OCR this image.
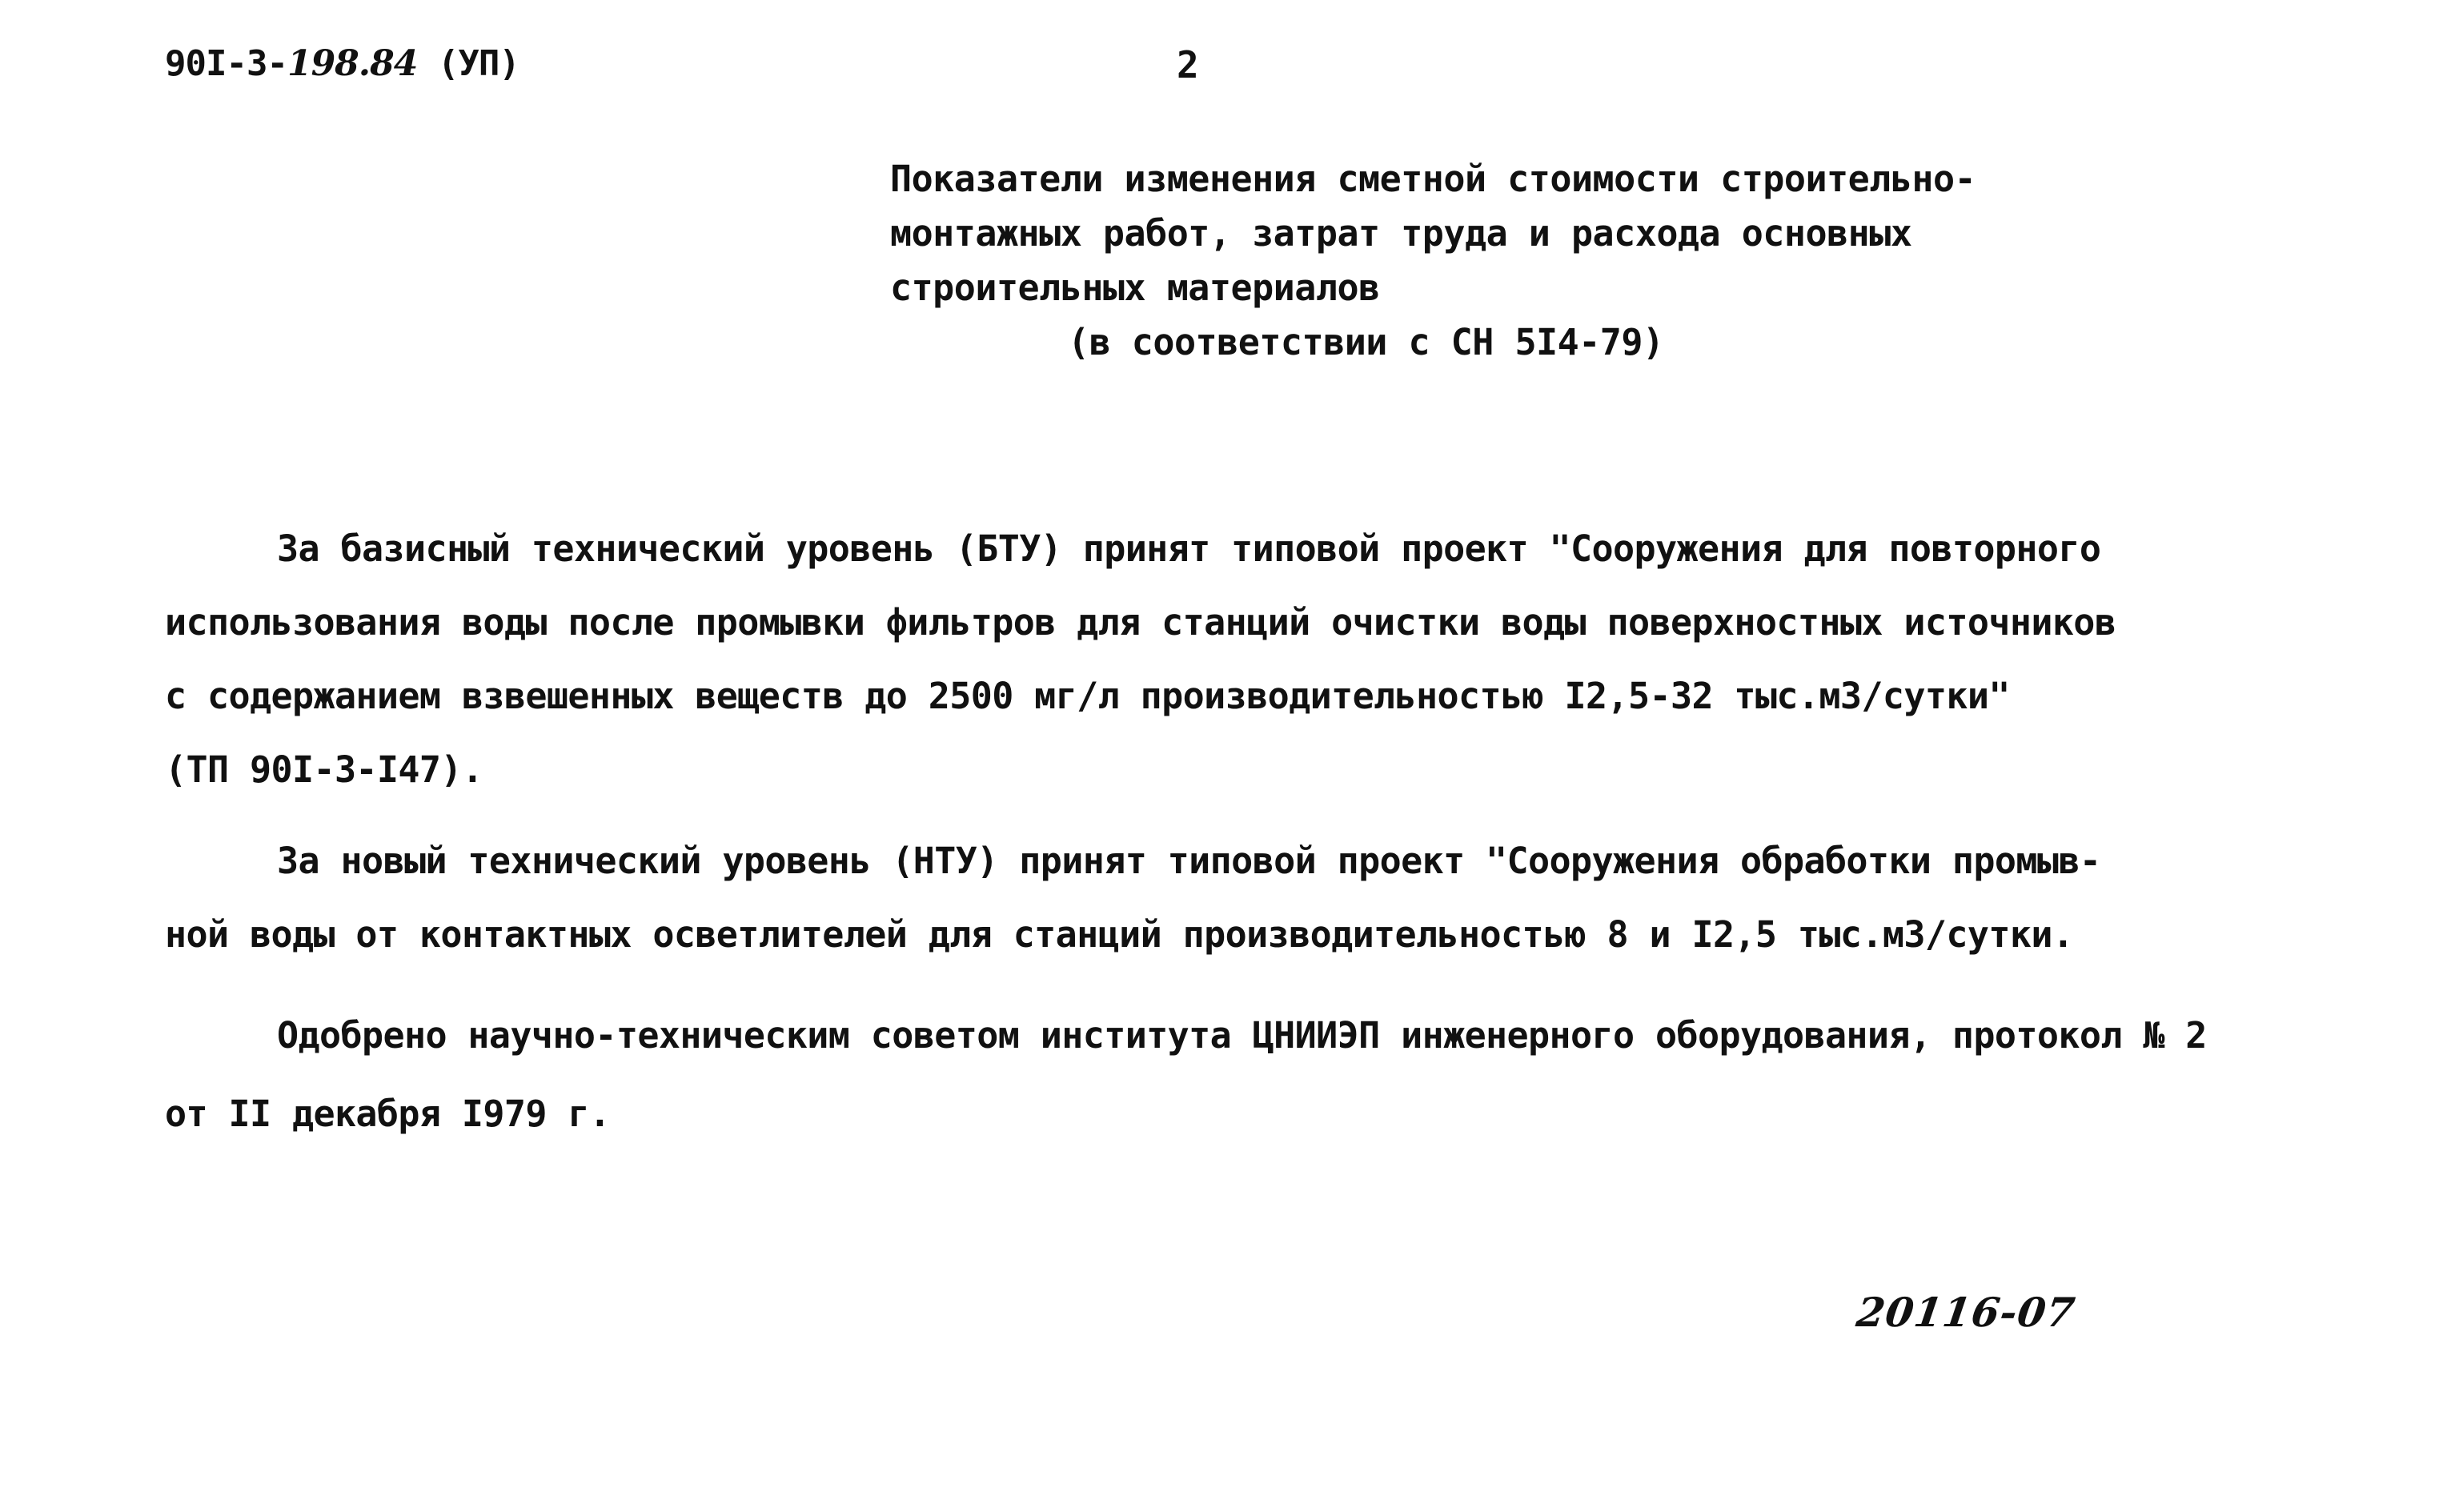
90I-3-198.84 (УП)	2
Показатели изменения сметной стоимости строительно-
монтажных работ, затрат труда и расхода основных
строительных материалов
(в соответствии с СН 5I4-79)
За базисный технический уровень (БТУ) принят типовой проект "Сооружения для повторного
использования воды после промывки фильтров для станций очистки воды поверхностных источников
с содержанием взвешенных веществ до 2500 мг/л производительностью I2,5-32 тыс.м3/сутки"
(ТП 90I-3-I47).
За новый технический уровень (НТУ) принят типовой проект "Сооружения обработки промыв-
ной воды от контактных осветлителей для станций производительностью 8 и I2,5 тыс.м3/сутки.
Одобрено научно-техническим советом института ЦНИИЭП инженерного оборудования, протокол № 2
от II декабря I979 г.
20116-07
